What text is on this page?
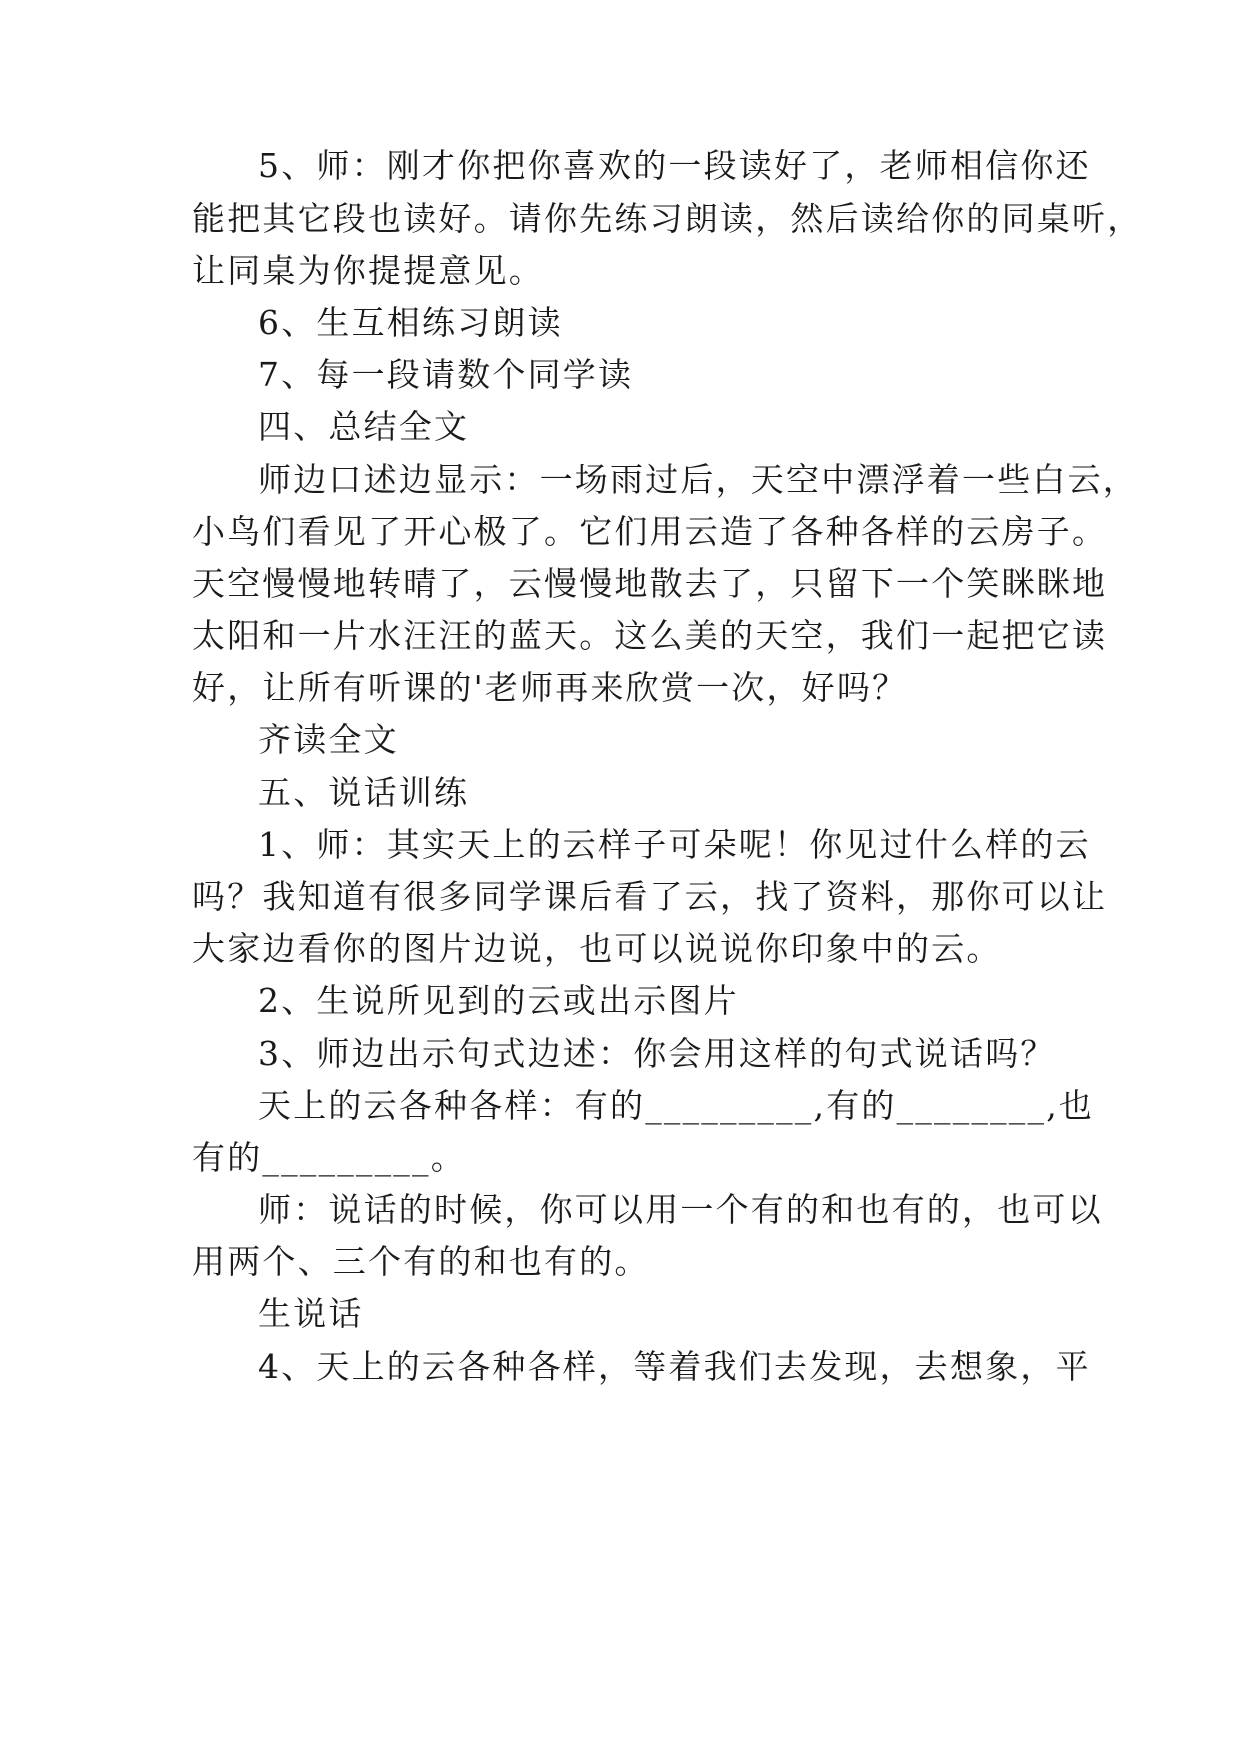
5、师：刚才你把你喜欢的一段读好了，老师相信你还
能把其它段也读好。请你先练习朗读，然后读给你的同桌听，
让同桌为你提提意见。
6、生互相练习朗读
7、每一段请数个同学读
四、总结全文
师边口述边显示：一场雨过后，天空中漂浮着一些白云，
小鸟们看见了开心极了。它们用云造了各种各样的云房子。
天空慢慢地转晴了，云慢慢地散去了，只留下一个笑眯眯地
太阳和一片水汪汪的蓝天。这么美的天空，我们一起把它读
好，让所有听课的'老师再来欣赏一次，好吗？
齐读全文
五、说话训练
1、师：其实天上的云样子可朵呢！你见过什么样的云
吗？我知道有很多同学课后看了云，找了资料，那你可以让
大家边看你的图片边说，也可以说说你印象中的云。
2、生说所见到的云或出示图片
3、师边出示句式边述：你会用这样的句式说话吗？
天上的云各种各样：有的_________,有的________,也
有的_________。
师：说话的时候，你可以用一个有的和也有的，也可以
用两个、三个有的和也有的。
生说话
4、天上的云各种各样，等着我们去发现，去想象，平
